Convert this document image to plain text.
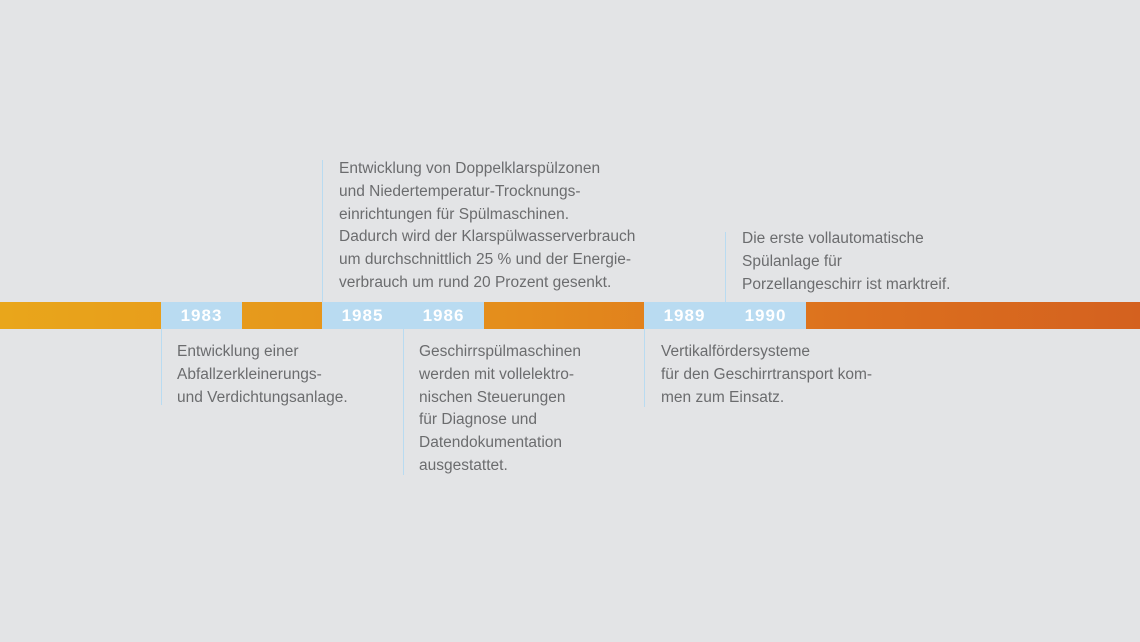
1983	1985	1986	1989	1990
Entwicklung einer
Abfallzerkleinerungs-
und Verdichtungsanlage.
Entwicklung von Doppelklarspülzonen
und Niedertemperatur-Trocknungs-
einrichtungen für Spülmaschinen.
Dadurch wird der Klarspülwasserverbrauch
um durchschnittlich 25 % und der Energie-
verbrauch um rund 20 Prozent gesenkt.
Geschirrspülmaschinen
werden mit vollelektro-
nischen Steuerungen
für Diagnose und
Datendokumentation
ausgestattet.
Vertikalfördersysteme
für den Geschirrtransport kom-
men zum Einsatz.
Die erste vollautomatische
Spülanlage für
Porzellangeschirr ist marktreif.
